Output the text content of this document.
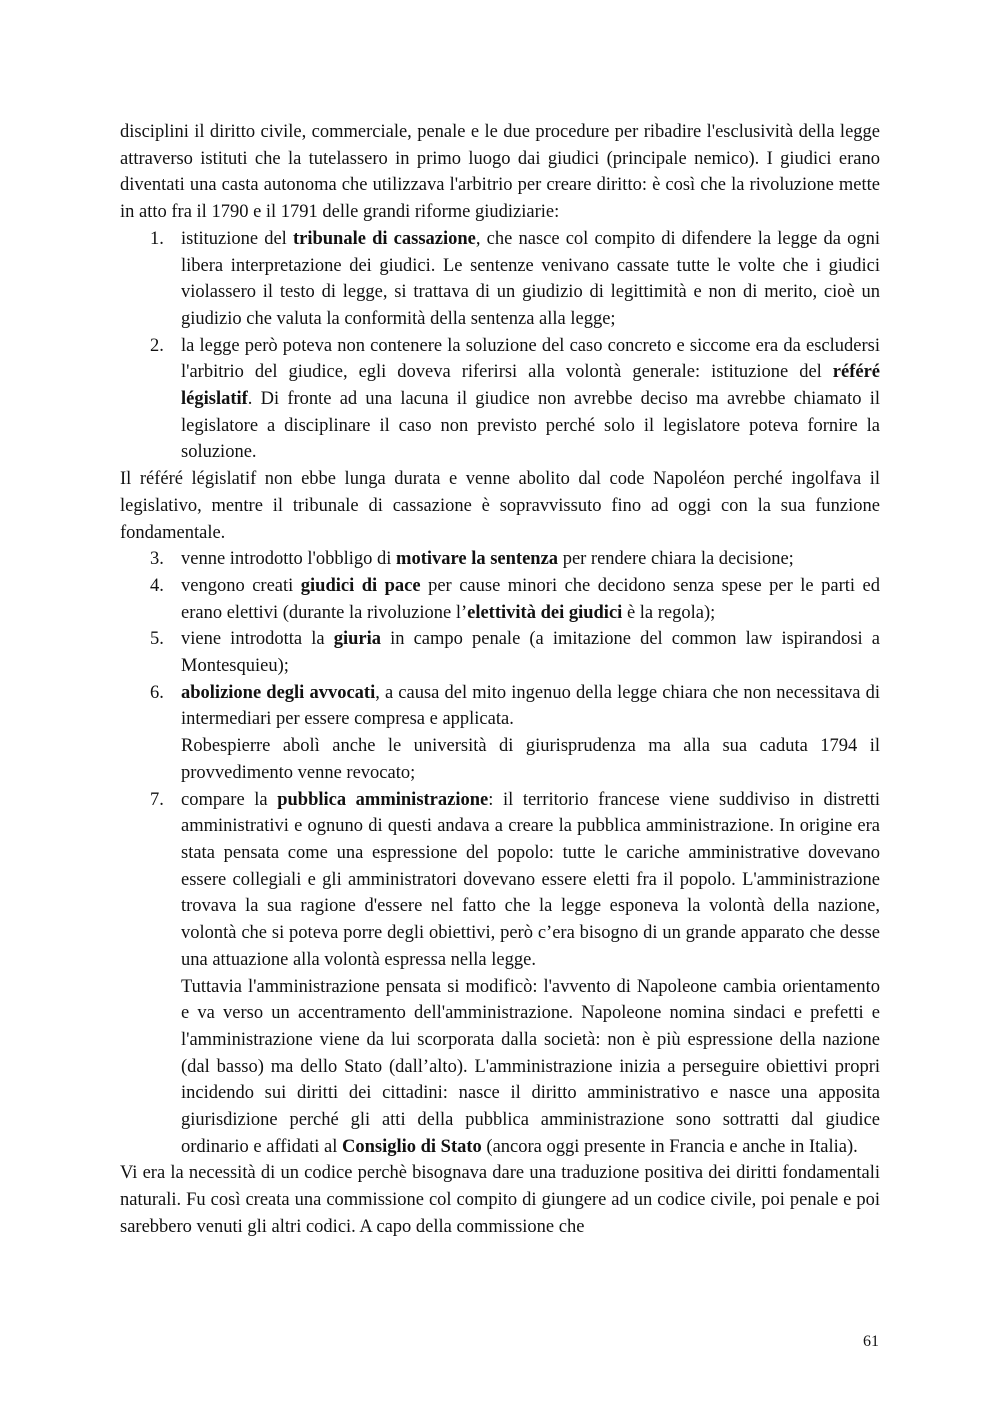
disciplini il diritto civile, commerciale, penale e le due procedure per ribadire l'esclusività della legge attraverso istituti che la tutelassero in primo luogo dai giudici (principale nemico). I giudici erano diventati una casta autonoma che utilizzava l'arbitrio per creare diritto: è così che la rivoluzione mette in atto fra il 1790 e il 1791 delle grandi riforme giudiziarie:

1. istituzione del tribunale di cassazione, che nasce col compito di difendere la legge da ogni libera interpretazione dei giudici. Le sentenze venivano cassate tutte le volte che i giudici violassero il testo di legge, si trattava di un giudizio di legittimità e non di merito, cioè un giudizio che valuta la conformità della sentenza alla legge;

2. la legge però poteva non contenere la soluzione del caso concreto e siccome era da escludersi l'arbitrio del giudice, egli doveva riferirsi alla volontà generale: istituzione del référé législatif. Di fronte ad una lacuna il giudice non avrebbe deciso ma avrebbe chiamato il legislatore a disciplinare il caso non previsto perché solo il legislatore poteva fornire la soluzione.

Il référé législatif non ebbe lunga durata e venne abolito dal code Napoléon perché ingolfava il legislativo, mentre il tribunale di cassazione è sopravvissuto fino ad oggi con la sua funzione fondamentale.

3. venne introdotto l'obbligo di motivare la sentenza per rendere chiara la decisione;

4. vengono creati giudici di pace per cause minori che decidono senza spese per le parti ed erano elettivi (durante la rivoluzione l’elettività dei giudici è la regola);

5. viene introdotta la giuria in campo penale (a imitazione del common law ispirandosi a Montesquieu);

6. abolizione degli avvocati, a causa del mito ingenuo della legge chiara che non necessitava di intermediari per essere compresa e applicata.

Robespierre abolì anche le università di giurisprudenza ma alla sua caduta 1794 il provvedimento venne revocato;

7. compare la pubblica amministrazione: il territorio francese viene suddiviso in distretti amministrativi e ognuno di questi andava a creare la pubblica amministrazione. In origine era stata pensata come una espressione del popolo: tutte le cariche amministrative dovevano essere collegiali e gli amministratori dovevano essere eletti fra il popolo. L'amministrazione trovava la sua ragione d'essere nel fatto che la legge esponeva la volontà della nazione, volontà che si poteva porre degli obiettivi, però c’era bisogno di un grande apparato che desse una attuazione alla volontà espressa nella legge.

Tuttavia l'amministrazione pensata si modificò: l'avvento di Napoleone cambia orientamento e va verso un accentramento dell'amministrazione. Napoleone nomina sindaci e prefetti e l'amministrazione viene da lui scorporata dalla società: non è più espressione della nazione (dal basso) ma dello Stato (dall’alto). L'amministrazione inizia a perseguire obiettivi propri incidendo sui diritti dei cittadini: nasce il diritto amministrativo e nasce una apposita giurisdizione perché gli atti della pubblica amministrazione sono sottratti dal giudice ordinario e affidati al Consiglio di Stato (ancora oggi presente in Francia e anche in Italia).

Vi era la necessità di un codice perchè bisognava dare una traduzione positiva dei diritti fondamentali naturali. Fu così creata una commissione col compito di giungere ad un codice civile, poi penale e poi sarebbero venuti gli altri codici. A capo della commissione che

61
